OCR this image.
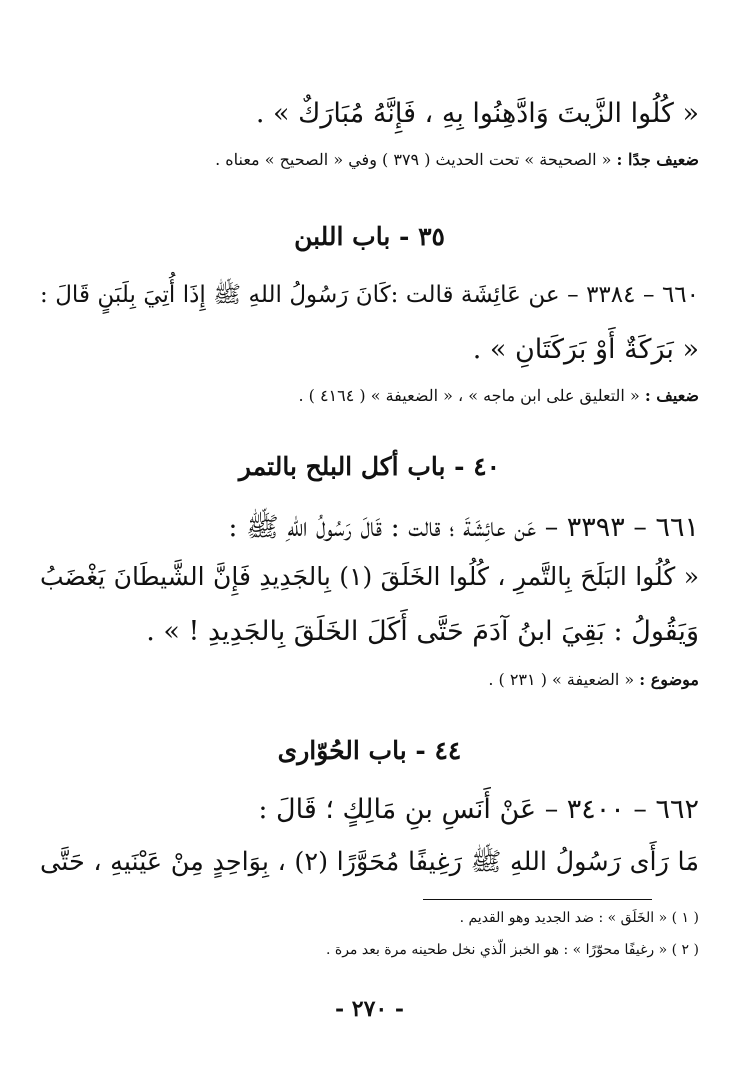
« كُلُوا الزَّيتَ وَادَّهِنُوا بِهِ ، فَإِنَّهُ مُبَارَكٌ » .
ضعيف جدًا : « الصحيحة » تحت الحديث ( ٣٧٩ ) وفي « الصحيح » معناه .
٣٥ - باب اللبن
٦٦٠ – ٣٣٨٤ – عن عَائِشَة قالت :كَانَ رَسُولُ اللهِ ﷺ إِذَا أُتِيَ بِلَبَنٍ قَالَ :
« بَرَكَةٌ أَوْ بَرَكَتَانِ » .
ضعيف : « التعليق على ابن ماجه » ، « الضعيفة » ( ٤١٦٤ ) .
٤٠ - باب أكل البلح بالتمر
٦٦١ – ٣٣٩٣ – عَن عائِشَةَ ؛ قالت : قَالَ رَسُولُ اللهِ ﷺ :
« كُلُوا البَلَحَ بِالتَّمرِ ، كُلُوا الخَلَقَ (١) بِالجَدِيدِ فَإِنَّ الشَّيطَانَ يَغْضَبُ
وَيَقُولُ : بَقِيَ ابنُ آدَمَ حَتَّى أَكَلَ الخَلَقَ بِالجَدِيدِ ! » .
موضوع : « الضعيفة » ( ٢٣١ ) .
٤٤ - باب الحُوّارى
٦٦٢ – ٣٤٠٠ – عَنْ أَنَسِ بنِ مَالِكٍ ؛ قَالَ :
مَا رَأَى رَسُولُ اللهِ ﷺ رَغِيفًا مُحَوَّرًا (٢) ، بِوَاحِدٍ مِنْ عَيْنَيهِ ، حَتَّى
( ١ ) « الخَلَق » : ضد الجديد وهو القديم .
( ٢ ) « رغيفًا محوّرًا » : هو الخبز الّذي نخل طحينه مرة بعد مرة .
- ٢٧٠ -
